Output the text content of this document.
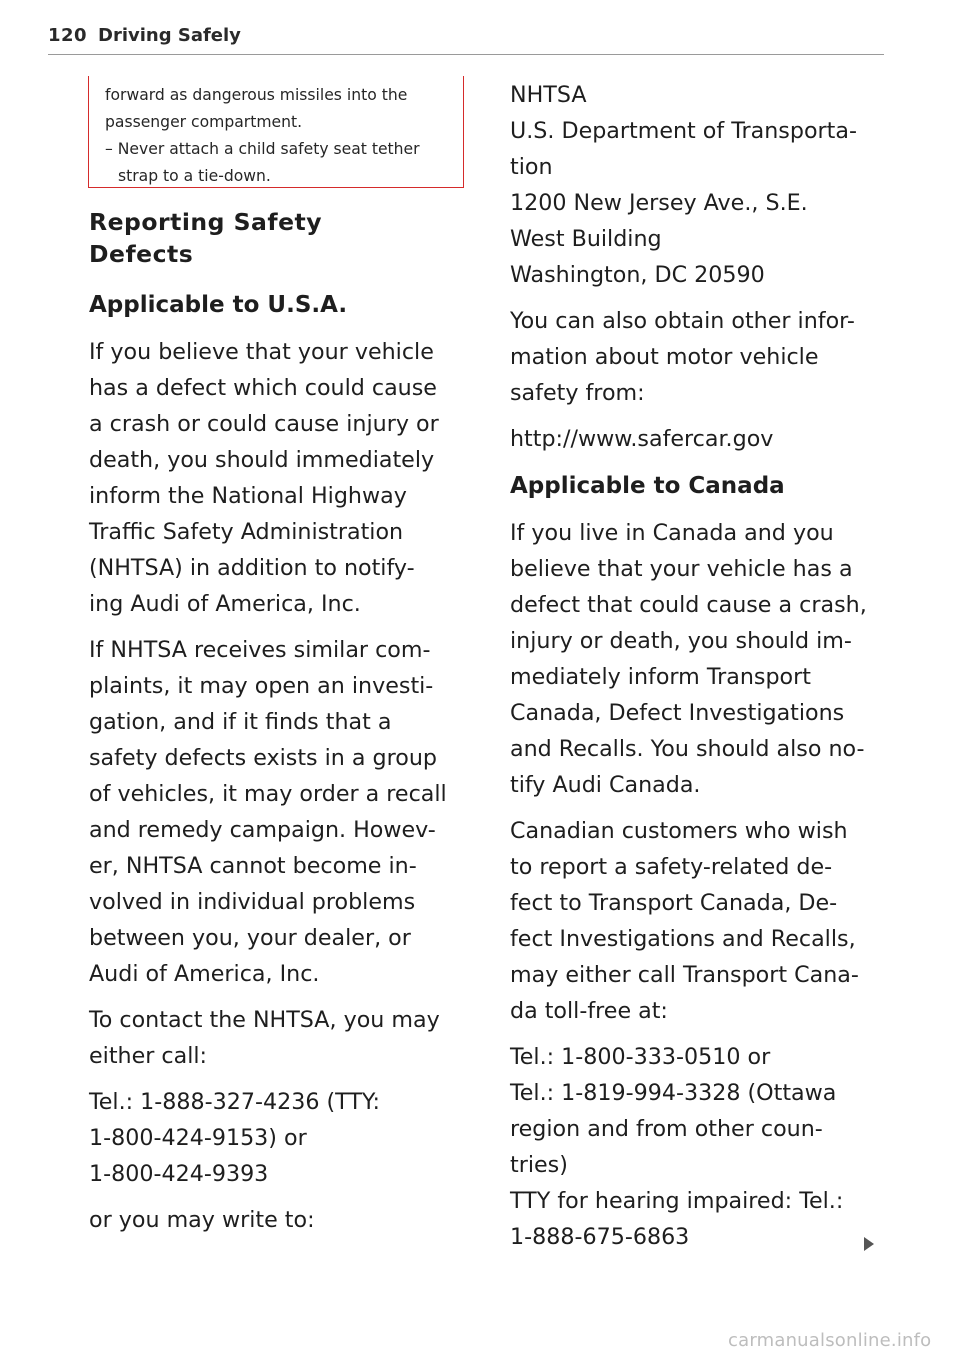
120 Driving Safely
forward as dangerous missiles into the
passenger compartment.
– Never attach a child safety seat tether
strap to a tie-down.
Reporting Safety
Defects
Applicable to U.S.A.

If you believe that your vehicle
has a defect which could cause
a crash or could cause injury or
death, you should immediately
inform the National Highway
Traffic Safety Administration
(NHTSA) in addition to notify-
ing Audi of America, Inc.

If NHTSA receives similar com-
plaints, it may open an investi-
gation, and if it finds that a
safety defects exists in a group
of vehicles, it may order a recall
and remedy campaign. Howev-
er, NHTSA cannot become in-
volved in individual problems
between you, your dealer, or
Audi of America, Inc.

To contact the NHTSA, you may
either call:

Tel.: 1-888-327-4236 (TTY:
1-800-424-9153) or
1-800-424-9393

or you may write to:

NHTSA
U.S. Department of Transporta-
tion
1200 New Jersey Ave., S.E.
West Building
Washington, DC 20590

You can also obtain other infor-
mation about motor vehicle
safety from:

http://www.safercar.gov

Applicable to Canada

If you live in Canada and you
believe that your vehicle has a
defect that could cause a crash,
injury or death, you should im-
mediately inform Transport
Canada, Defect Investigations
and Recalls. You should also no-
tify Audi Canada.

Canadian customers who wish
to report a safety-related de-
fect to Transport Canada, De-
fect Investigations and Recalls,
may either call Transport Cana-
da toll-free at:

Tel.: 1-800-333-0510 or
Tel.: 1-819-994-3328 (Ottawa
region and from other coun-
tries)
TTY for hearing impaired: Tel.:
1-888-675-6863

carmanualsonline.info
